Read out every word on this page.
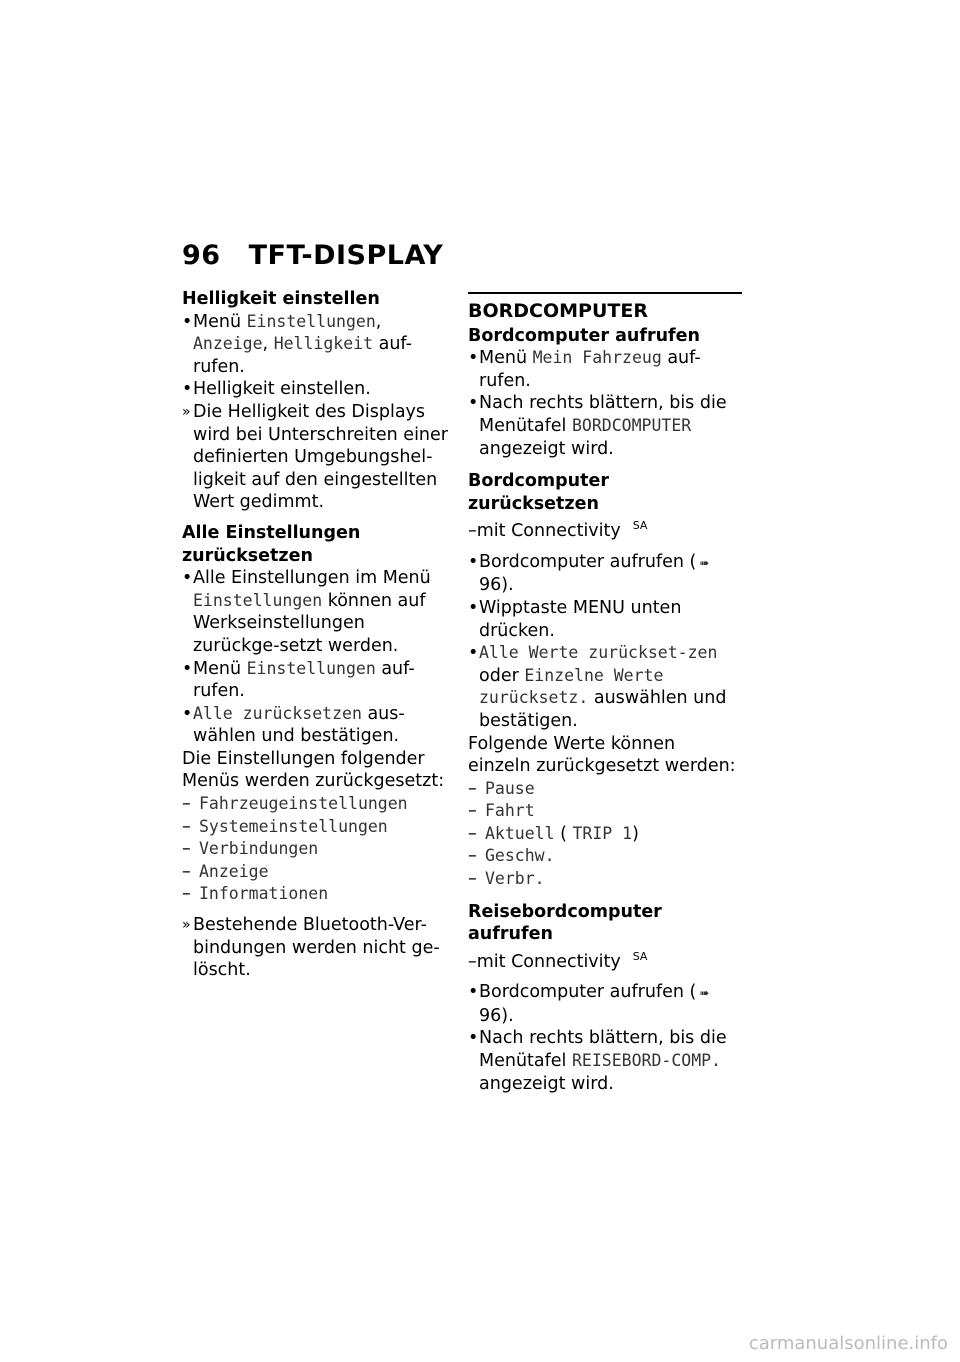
96 TFT-DISPLAY

Helligkeit einstellen

• Menü Einstellungen, Anzeige, Helligkeit auf-rufen.

• Helligkeit einstellen.

» Die Helligkeit des Displays wird bei Unterschreiten einer definierten Umgebungshel-ligkeit auf den eingestellten Wert gedimmt.

Alle Einstellungen
zurücksetzen

• Alle Einstellungen im Menü Einstellungen können auf Werkseinstellungen zurückge-setzt werden.

• Menü Einstellungen auf-rufen.

• Alle zurücksetzen aus-wählen und bestätigen.

Die Einstellungen folgender Menüs werden zurückgesetzt:

– Fahrzeugeinstellungen

– Systemeinstellungen

– Verbindungen

– Anzeige

– Informationen

» Bestehende Bluetooth-Ver-bindungen werden nicht ge-löscht.

BORDCOMPUTER

Bordcomputer aufrufen

• Menü Mein Fahrzeug auf-rufen.

• Nach rechts blättern, bis die Menütafel BORDCOMPUTER angezeigt wird.

Bordcomputer zurücksetzen

–mit Connectivity $^{SA}$

• Bordcomputer aufrufen ( ➠96).

• Wipptaste MENU unten drücken.

• Alle Werte zurückset-zen oder Einzelne Werte zurücksetz. auswählen und bestätigen.

Folgende Werte können einzeln zurückgesetzt werden:

– Pause

– Fahrt

– Aktuell ( TRIP 1)

– Geschw.

– Verbr.

Reisebordcomputer aufrufen

–mit Connectivity $^{SA}$

• Bordcomputer aufrufen ( ➠96).

• Nach rechts blättern, bis die Menütafel REISEBORD-COMP. angezeigt wird.

carmanualsonline.info
